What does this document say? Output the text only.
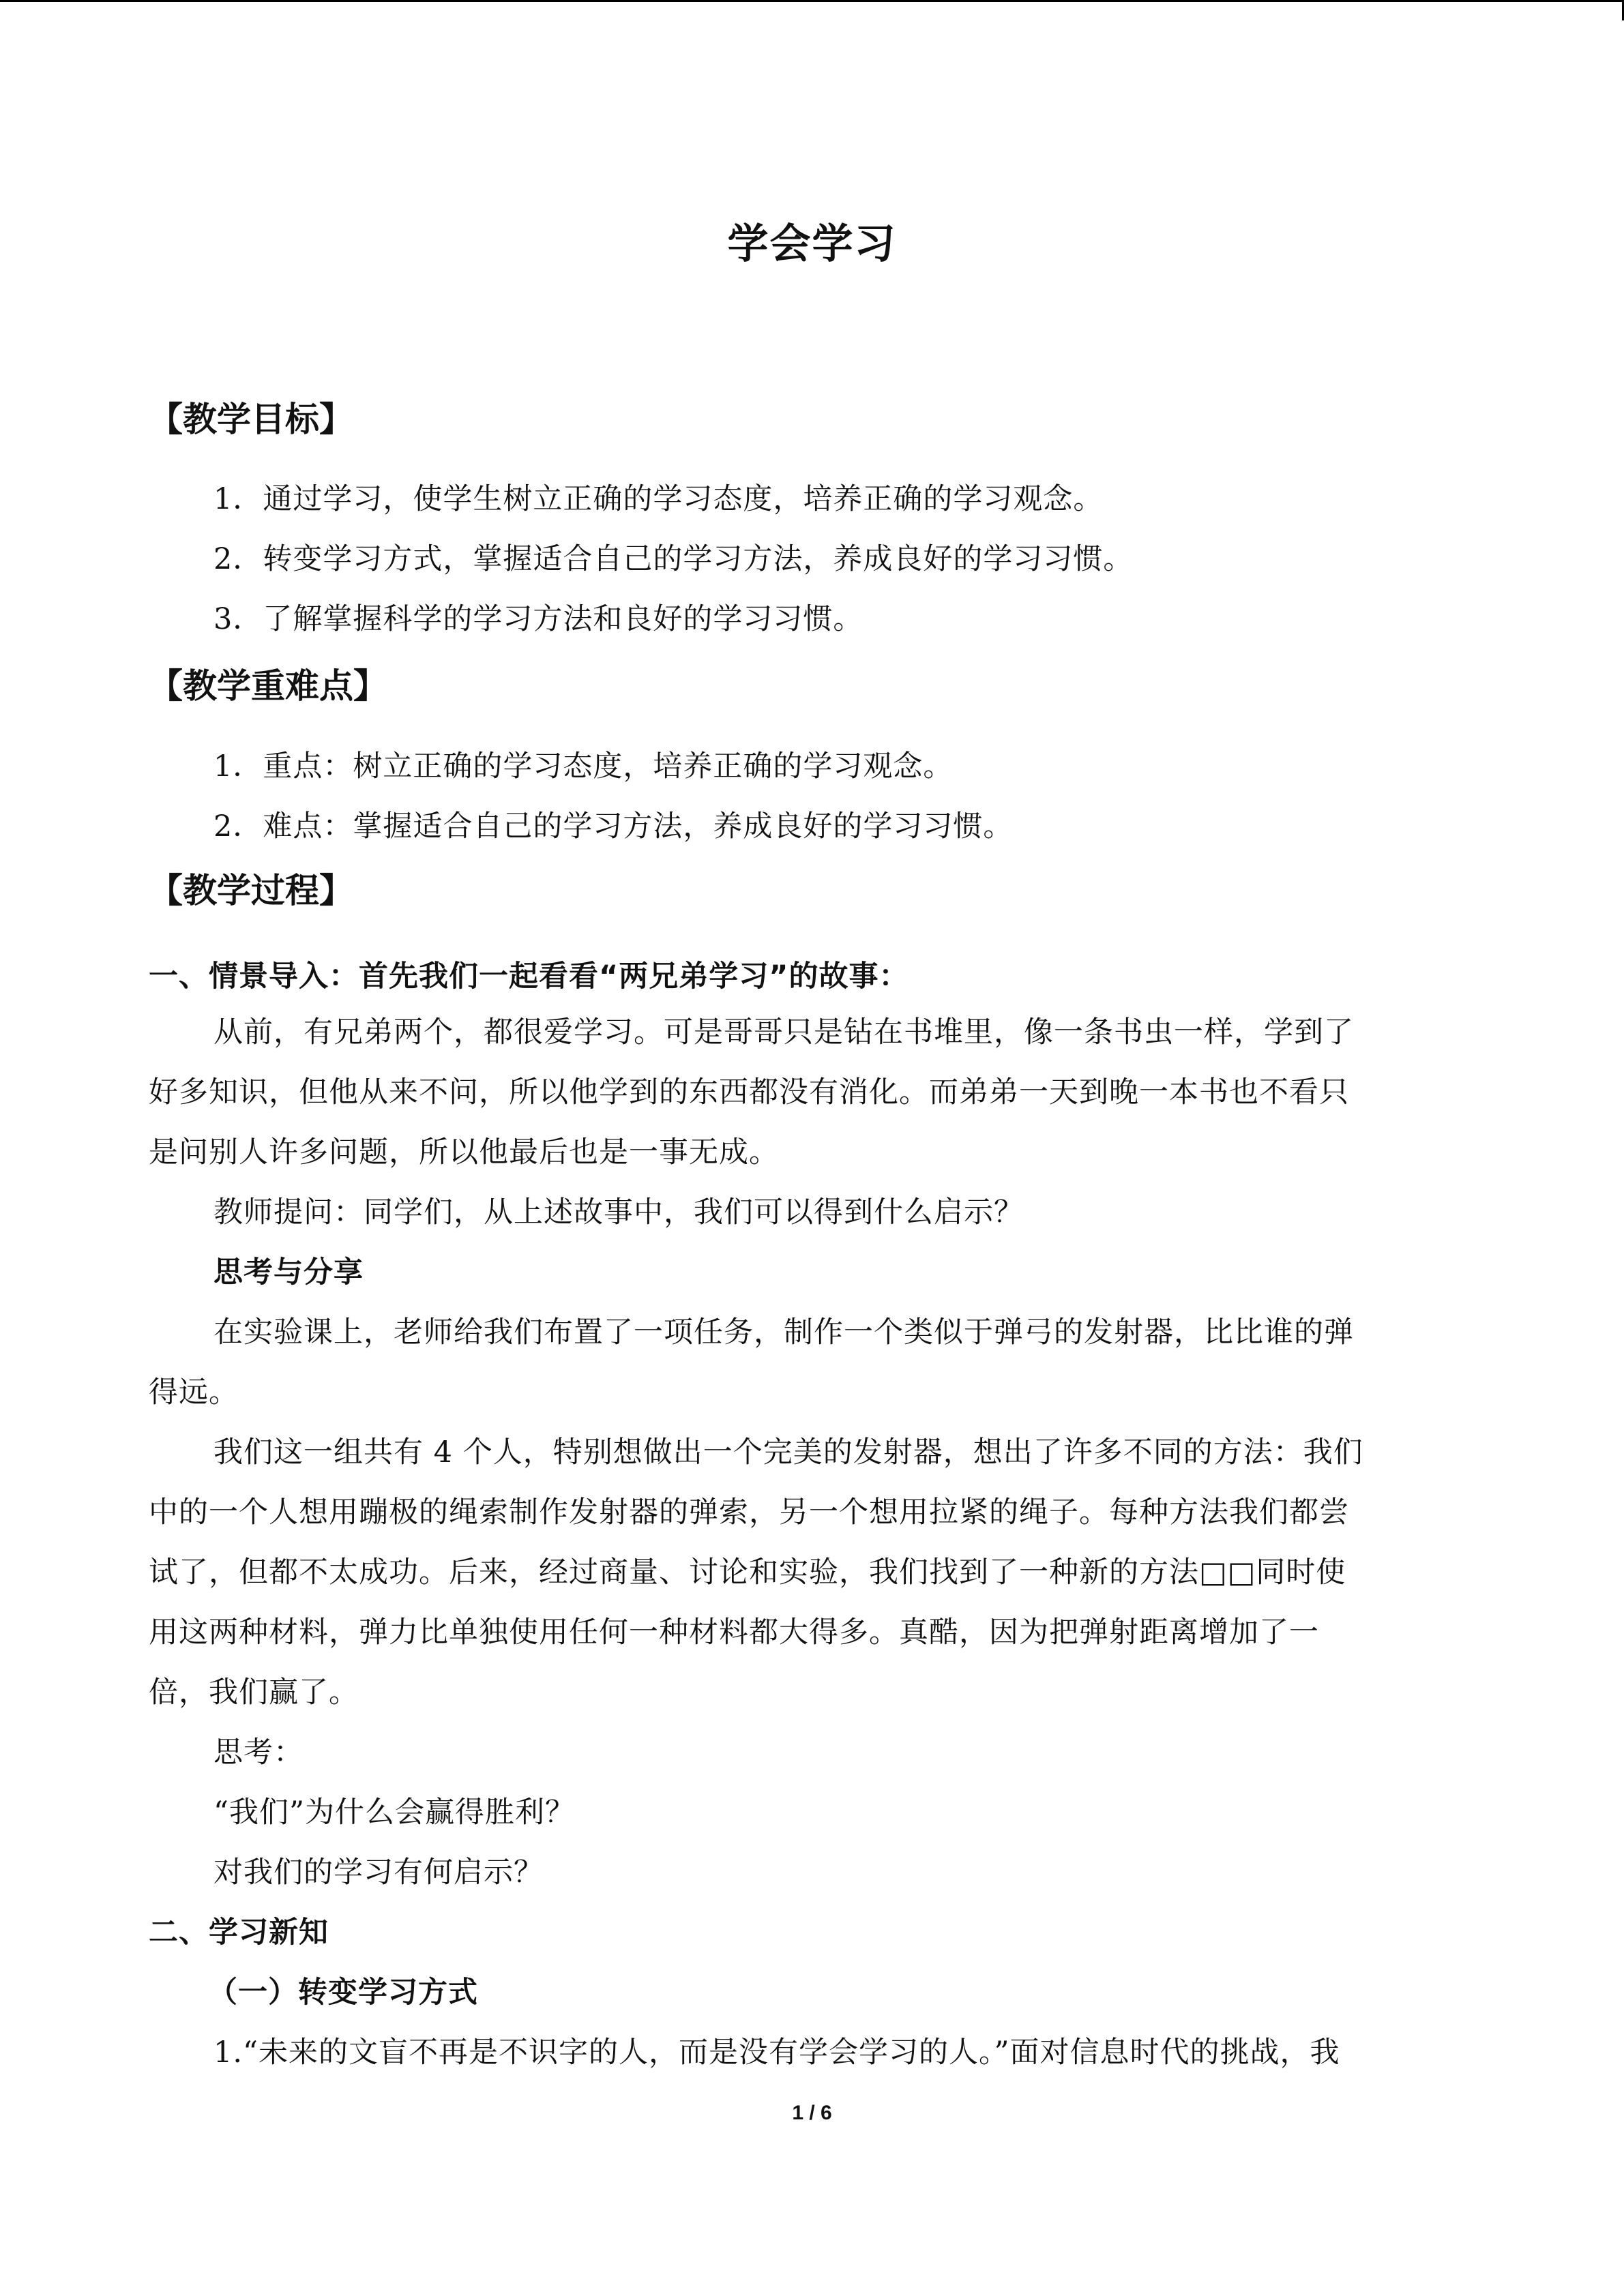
学会学习
【教学目标】
1．通过学习，使学生树立正确的学习态度，培养正确的学习观念。
2．转变学习方式，掌握适合自己的学习方法，养成良好的学习习惯。
3．了解掌握科学的学习方法和良好的学习习惯。
【教学重难点】
1．重点：树立正确的学习态度，培养正确的学习观念。
2．难点：掌握适合自己的学习方法，养成良好的学习习惯。
【教学过程】
一、情景导入：首先我们一起看看“两兄弟学习”的故事：
从前，有兄弟两个，都很爱学习。可是哥哥只是钻在书堆里，像一条书虫一样，学到了
好多知识，但他从来不问，所以他学到的东西都没有消化。而弟弟一天到晚一本书也不看只
是问别人许多问题，所以他最后也是一事无成。
教师提问：同学们，从上述故事中，我们可以得到什么启示？
思考与分享
在实验课上，老师给我们布置了一项任务，制作一个类似于弹弓的发射器，比比谁的弹
得远。
我们这一组共有 4 个人，特别想做出一个完美的发射器，想出了许多不同的方法：我们
中的一个人想用蹦极的绳索制作发射器的弹索，另一个想用拉紧的绳子。每种方法我们都尝
试了，但都不太成功。后来，经过商量、讨论和实验，我们找到了一种新的方法□□同时使
用这两种材料，弹力比单独使用任何一种材料都大得多。真酷，因为把弹射距离增加了一
倍，我们赢了。
思考：
“我们”为什么会赢得胜利？
对我们的学习有何启示？
二、学习新知
（一）转变学习方式
1.“未来的文盲不再是不识字的人，而是没有学会学习的人。”面对信息时代的挑战，我
1 / 6
